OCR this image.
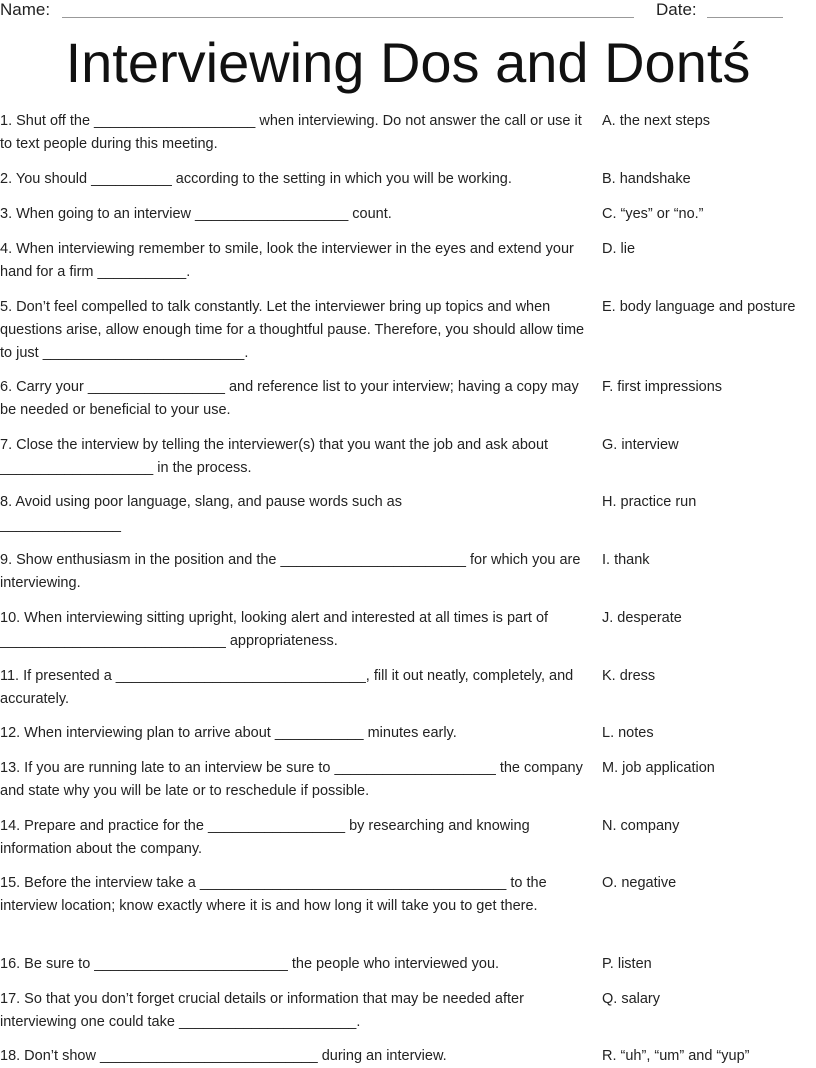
Name:	Date:
Interviewing Dos and Dontś

1. Shut off the ____________________ when interviewing. Do not answer the call or use it to text people during this meeting.

2. You should __________ according to the setting in which you will be working.

3. When going to an interview ___________________ count.

4. When interviewing remember to smile, look the interviewer in the eyes and extend your hand for a firm ___________.

5. Don’t feel compelled to talk constantly. Let the interviewer bring up topics and when questions arise, allow enough time for a thoughtful pause. Therefore, you should allow time to just _________________________.

6. Carry your _________________ and reference list to your interview; having a copy may be needed or beneficial to your use.

7. Close the interview by telling the interviewer(s) that you want the job and ask about ___________________ in the process.

8. Avoid using poor language, slang, and pause words such as _______________

9. Show enthusiasm in the position and the _______________________ for which you are interviewing.

10. When interviewing sitting upright, looking alert and interested at all times is part of ____________________________ appropriateness.

11. If presented a _______________________________, fill it out neatly, completely, and accurately.

12. When interviewing plan to arrive about ___________ minutes early.

13. If you are running late to an interview be sure to ____________________ the company and state why you will be late or to reschedule if possible.

14. Prepare and practice for the _________________ by researching and knowing information about the company.

15. Before the interview take a ______________________________________ to the interview location; know exactly where it is and how long it will take you to get there.

16. Be sure to ________________________ the people who interviewed you.

17. So that you don’t forget crucial details or information that may be needed after interviewing one could take ______________________.

18. Don’t show ___________________________ during an interview.

A. the next steps
B. handshake
C. “yes” or “no.”
D. lie
E. body language and posture
F. first impressions
G. interview
H. practice run
I. thank
J. desperate
K. dress
L. notes
M. job application
N. company
O. negative
P. listen
Q. salary
R. “uh”, “um” and “yup”
